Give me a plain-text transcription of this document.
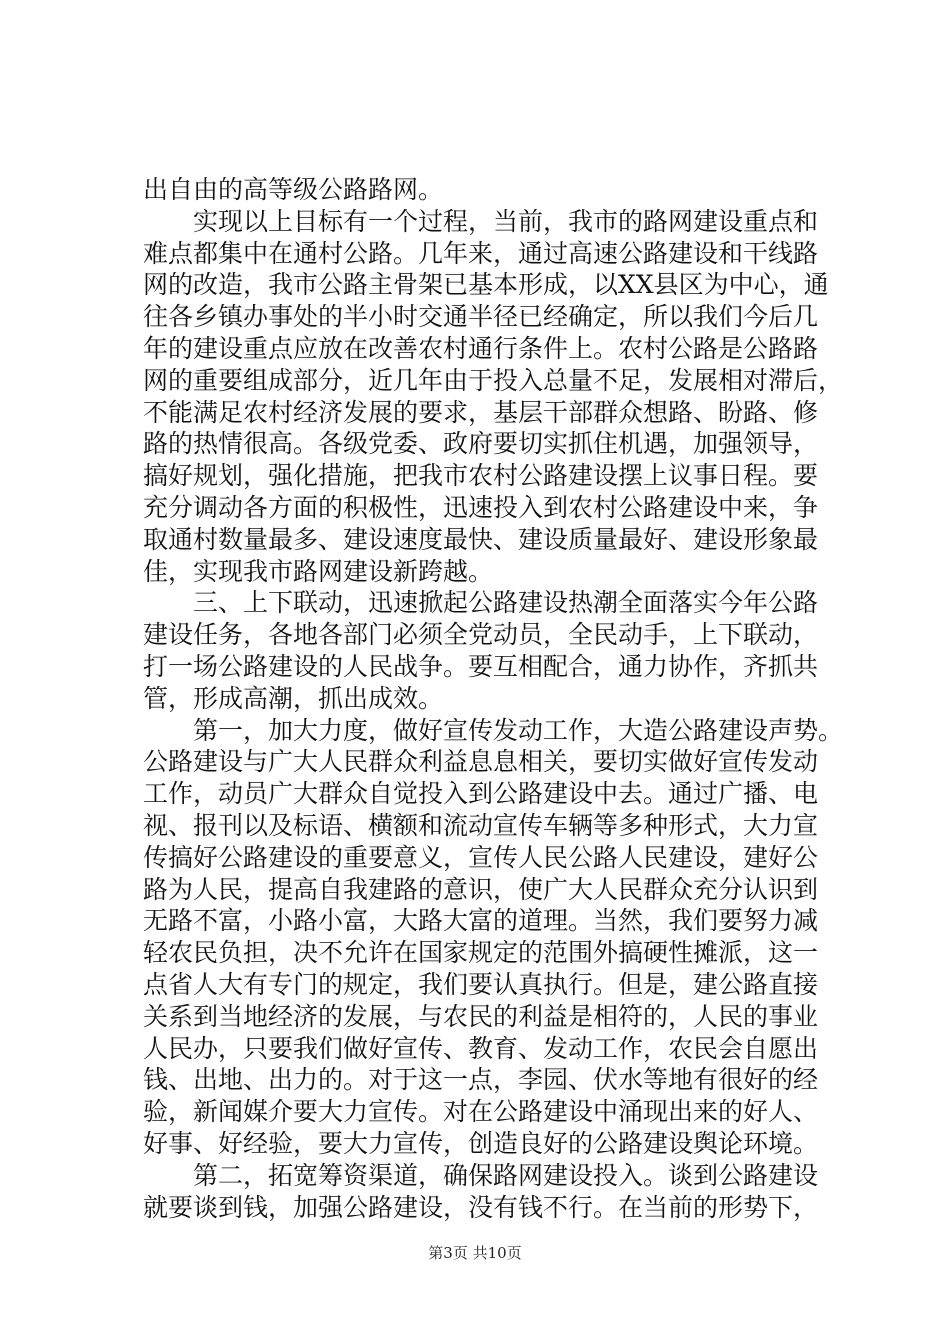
出自由的高等级公路路网。
　　实现以上目标有一个过程，当前，我市的路网建设重点和
难点都集中在通村公路。几年来，通过高速公路建设和干线路
网的改造，我市公路主骨架已基本形成，以XX县区为中心，通
往各乡镇办事处的半小时交通半径已经确定，所以我们今后几
年的建设重点应放在改善农村通行条件上。农村公路是公路路
网的重要组成部分，近几年由于投入总量不足，发展相对滞后，
不能满足农村经济发展的要求，基层干部群众想路、盼路、修
路的热情很高。各级党委、政府要切实抓住机遇，加强领导，
搞好规划，强化措施，把我市农村公路建设摆上议事日程。要
充分调动各方面的积极性，迅速投入到农村公路建设中来，争
取通村数量最多、建设速度最快、建设质量最好、建设形象最
佳，实现我市路网建设新跨越。
　　三、上下联动，迅速掀起公路建设热潮全面落实今年公路
建设任务，各地各部门必须全党动员，全民动手，上下联动，
打一场公路建设的人民战争。要互相配合，通力协作，齐抓共
管，形成高潮，抓出成效。
　　第一，加大力度，做好宣传发动工作，大造公路建设声势。
公路建设与广大人民群众利益息息相关，要切实做好宣传发动
工作，动员广大群众自觉投入到公路建设中去。通过广播、电
视、报刊以及标语、横额和流动宣传车辆等多种形式，大力宣
传搞好公路建设的重要意义，宣传人民公路人民建设，建好公
路为人民，提高自我建路的意识，使广大人民群众充分认识到
无路不富，小路小富，大路大富的道理。当然，我们要努力减
轻农民负担，决不允许在国家规定的范围外搞硬性摊派，这一
点省人大有专门的规定，我们要认真执行。但是，建公路直接
关系到当地经济的发展，与农民的利益是相符的，人民的事业
人民办，只要我们做好宣传、教育、发动工作，农民会自愿出
钱、出地、出力的。对于这一点，李园、伏水等地有很好的经
验，新闻媒介要大力宣传。对在公路建设中涌现出来的好人、
好事、好经验，要大力宣传，创造良好的公路建设舆论环境。
　　第二，拓宽筹资渠道，确保路网建设投入。谈到公路建设
就要谈到钱，加强公路建设，没有钱不行。在当前的形势下，
第3页 共10页
